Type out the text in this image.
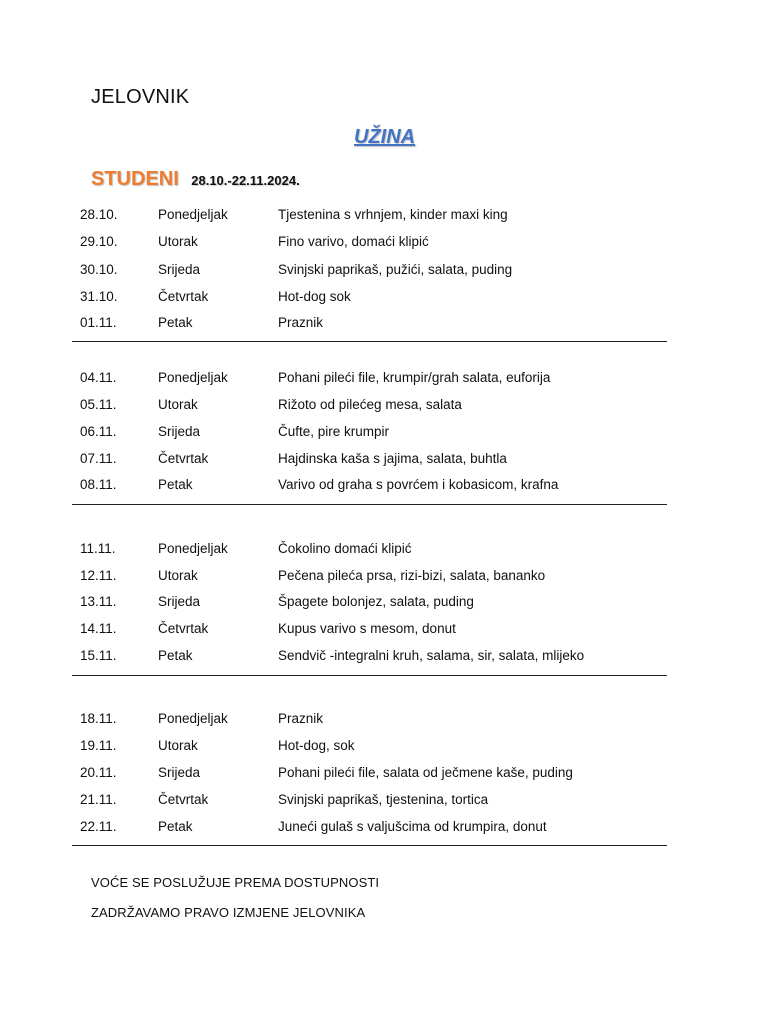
JELOVNIK
UŽINA
STUDENI 28.10.-22.11.2024.
28.10.	Ponedjeljak	Tjestenina s vrhnjem, kinder maxi king
29.10.	Utorak	Fino varivo, domaći klipić
30.10.	Srijeda	Svinjski paprikaš, pužići, salata, puding
31.10.	Četvrtak	Hot-dog sok
01.11.	Petak	Praznik
04.11.	Ponedjeljak	Pohani pileći file, krumpir/grah salata, euforija
05.11.	Utorak	Rižoto od pilećeg mesa, salata
06.11.	Srijeda	Čufte, pire krumpir
07.11.	Četvrtak	Hajdinska kaša s jajima, salata, buhtla
08.11.	Petak	Varivo od graha s povrćem i kobasicom, krafna
11.11.	Ponedjeljak	Čokolino domaći klipić
12.11.	Utorak	Pečena pileća prsa, rizi-bizi, salata, bananko
13.11.	Srijeda	Špagete bolonjez, salata, puding
14.11.	Četvrtak	Kupus varivo s mesom, donut
15.11.	Petak	Sendvič -integralni kruh, salama, sir, salata, mlijeko
18.11.	Ponedjeljak	Praznik
19.11.	Utorak	Hot-dog, sok
20.11.	Srijeda	Pohani pileći file, salata od ječmene kaše, puding
21.11.	Četvrtak	Svinjski paprikaš, tjestenina, tortica
22.11.	Petak	Juneći gulaš s valjušcima od krumpira, donut
VOĆE SE POSLUŽUJE PREMA DOSTUPNOSTI
ZADRŽAVAMO PRAVO IZMJENE JELOVNIKA
